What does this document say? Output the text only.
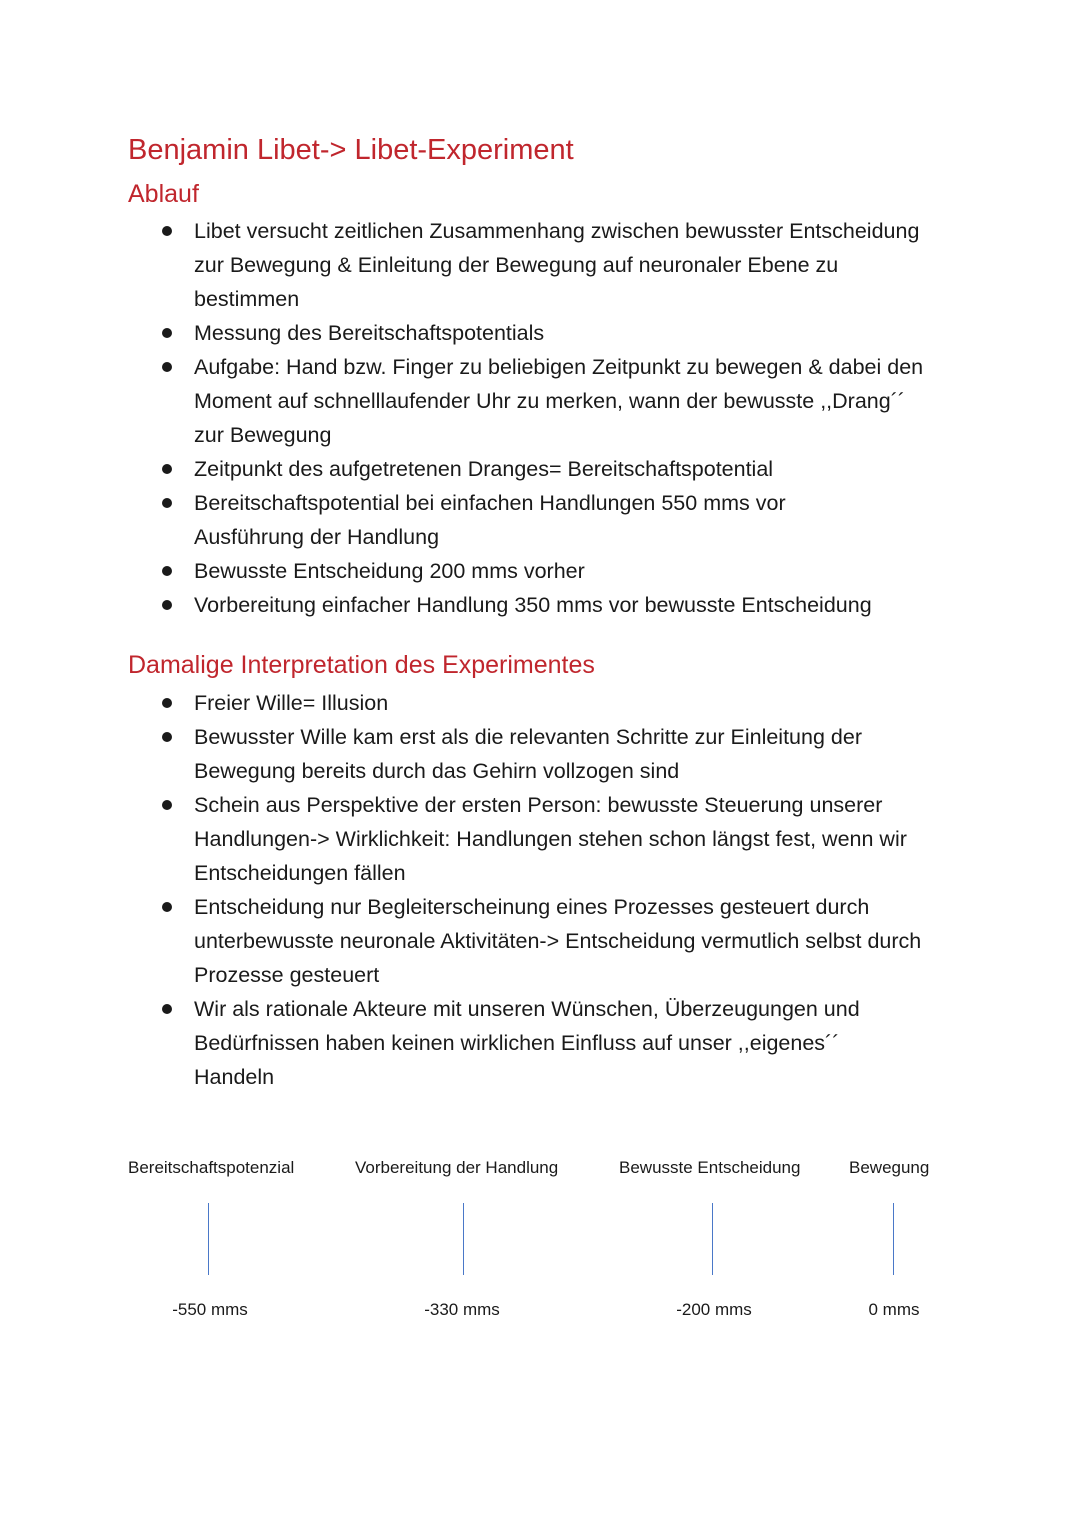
Benjamin Libet-> Libet-Experiment
Ablauf
Libet versucht zeitlichen Zusammenhang zwischen bewusster Entscheidung zur Bewegung & Einleitung der Bewegung auf neuronaler Ebene zu bestimmen
Messung des Bereitschaftspotentials
Aufgabe: Hand bzw. Finger zu beliebigen Zeitpunkt zu bewegen & dabei den Moment auf schnelllaufender Uhr zu merken, wann der bewusste ,,Drang´´ zur Bewegung
Zeitpunkt des aufgetretenen Dranges= Bereitschaftspotential
Bereitschaftspotential bei einfachen Handlungen 550 mms vor Ausführung der Handlung
Bewusste Entscheidung 200 mms vorher
Vorbereitung einfacher Handlung 350 mms vor bewusste Entscheidung
Damalige Interpretation des Experimentes
Freier Wille= Illusion
Bewusster Wille kam erst als die relevanten Schritte zur Einleitung der Bewegung bereits durch das Gehirn vollzogen sind
Schein aus Perspektive der ersten Person: bewusste Steuerung unserer Handlungen-> Wirklichkeit: Handlungen stehen schon längst fest, wenn wir Entscheidungen fällen
Entscheidung nur Begleiterscheinung eines Prozesses gesteuert durch unterbewusste neuronale Aktivitäten-> Entscheidung vermutlich selbst durch Prozesse gesteuert
Wir als rationale Akteure mit unseren Wünschen, Überzeugungen und Bedürfnissen haben keinen wirklichen Einfluss auf unser ,,eigenes´´ Handeln
Bereitschaftspotenzial	Vorbereitung der Handlung	Bewusste Entscheidung	Bewegung
-550 mms	-330 mms	-200 mms	0 mms
